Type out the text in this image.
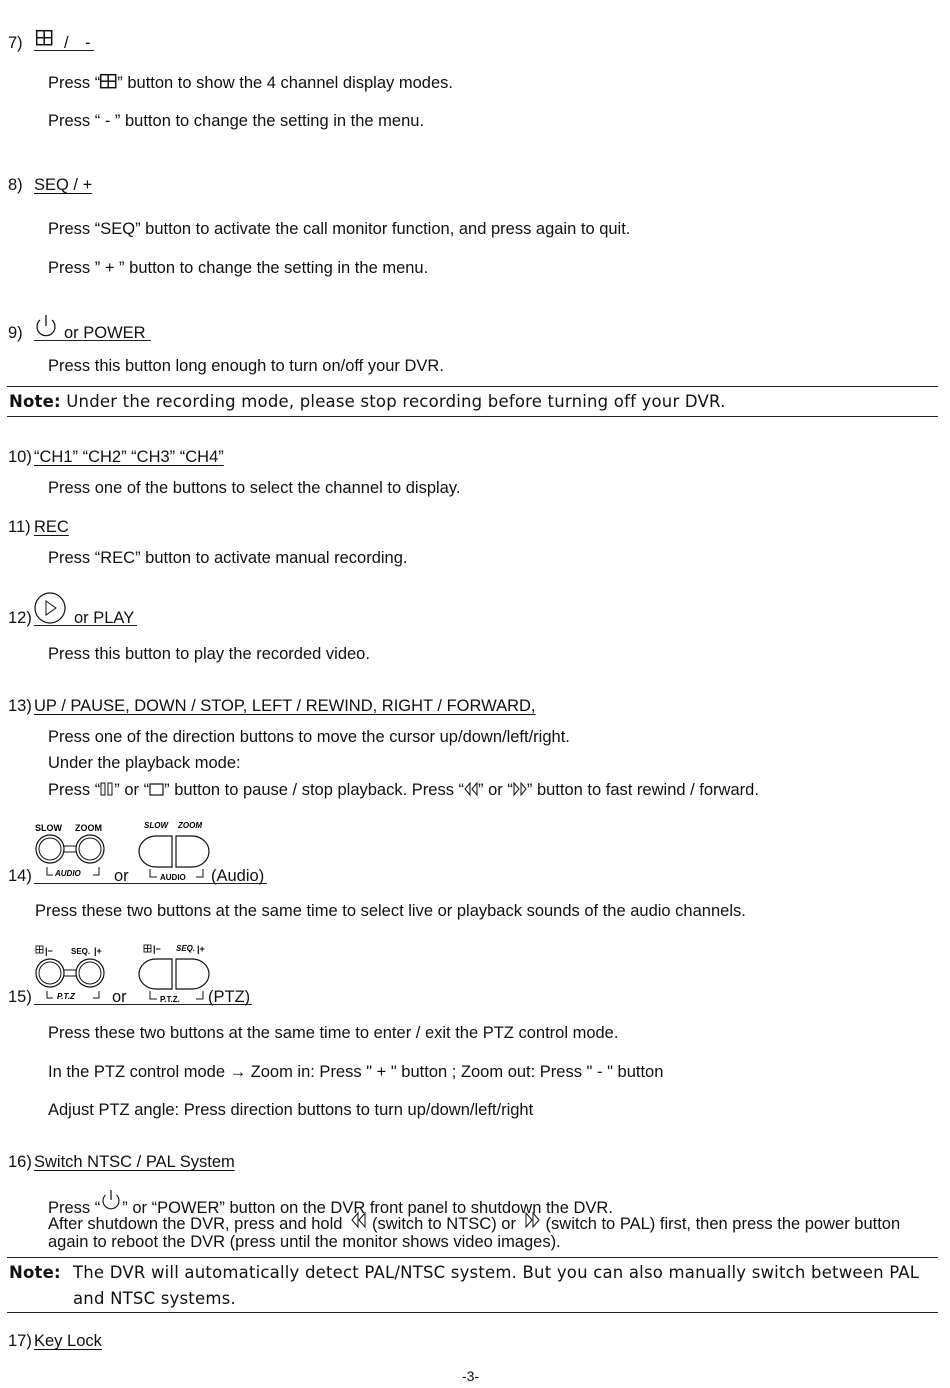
7)	/ -
Press “ ” button to show the 4 channel display modes.
Press “ - ” button to change the setting in the menu.
8) SEQ / +
Press “SEQ” button to activate the call monitor function, and press again to quit.
Press ” + ” button to change the setting in the menu.
9)	or POWER
Press this button long enough to turn on/off your DVR.
Note: Under the recording mode, please stop recording before turning off your DVR.
10) “CH1” “CH2” “CH3” “CH4”
Press one of the buttons to select the channel to display.
11) REC
Press “REC” button to activate manual recording.
12)	or PLAY
Press this button to play the recorded video.
13) UP / PAUSE, DOWN / STOP, LEFT / REWIND, RIGHT / FORWARD,
Press one of the direction buttons to move the cursor up/down/left/right.
Under the playback mode:
Press “ ” or “ ” button to pause / stop playback. Press “ ” or “ ” button to fast rewind / forward.
SLOW ZOOM
AUDIO
SLOW ZOOM
AUDIO
14)	or	(Audio)
Press these two buttons at the same time to select live or playback sounds of the audio channels.
|− SEQ. |+
P.T.Z
|− SEQ. |+
P.T.Z.
15)	or	(PTZ)
Press these two buttons at the same time to enter / exit the PTZ control mode.
In the PTZ control mode → Zoom in: Press " + " button ; Zoom out: Press " - " button
Adjust PTZ angle: Press direction buttons to turn up/down/left/right
16) Switch NTSC / PAL System
Press “ ” or “POWER” button on the DVR front panel to shutdown the DVR.
After shutdown the DVR, press and hold (switch to NTSC) or (switch to PAL) first, then press the power button
again to reboot the DVR (press until the monitor shows video images).
Note: The DVR will automatically detect PAL/NTSC system. But you can also manually switch between PAL
and NTSC systems.
17) Key Lock
-3-
